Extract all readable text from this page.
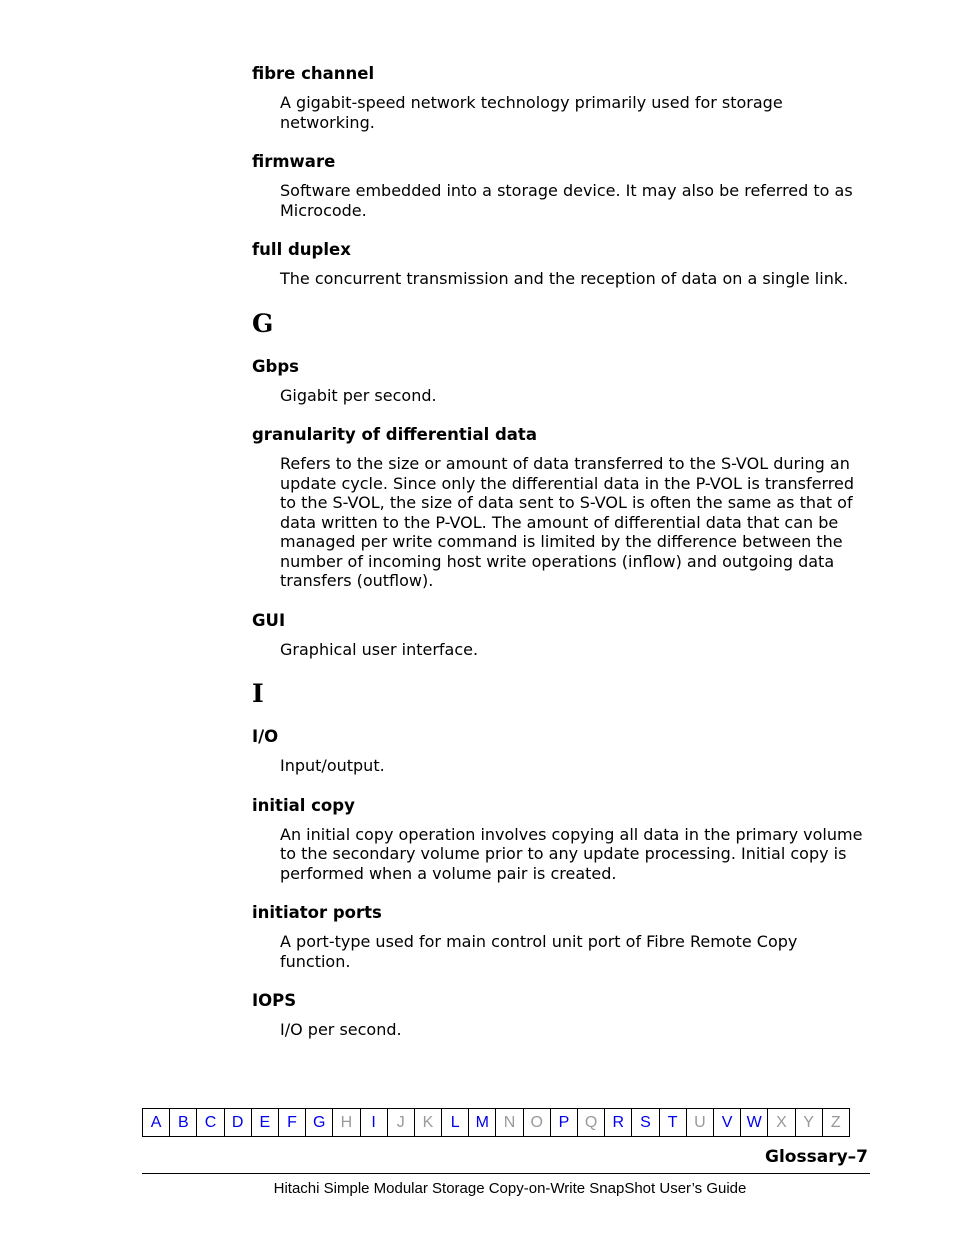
fibre channel

A gigabit-speed network technology primarily used for storage networking.

firmware

Software embedded into a storage device. It may also be referred to as Microcode.

full duplex

The concurrent transmission and the reception of data on a single link.

G

Gbps

Gigabit per second.

granularity of differential data

Refers to the size or amount of data transferred to the S-VOL during an update cycle. Since only the differential data in the P-VOL is transferred to the S-VOL, the size of data sent to S-VOL is often the same as that of data written to the P-VOL. The amount of differential data that can be managed per write command is limited by the difference between the number of incoming host write operations (inflow) and outgoing data transfers (outflow).

GUI

Graphical user interface.

I

I/O

Input/output.

initial copy

An initial copy operation involves copying all data in the primary volume to the secondary volume prior to any update processing. Initial copy is performed when a volume pair is created.

initiator ports

A port-type used for main control unit port of Fibre Remote Copy function.

IOPS

I/O per second.

A	B	C D	E	F	G H	I	J	K	L	M N O P Q R	S	T	U	V W X	Y	Z
Glossary–7
Hitachi Simple Modular Storage Copy-on-Write SnapShot User’s Guide
